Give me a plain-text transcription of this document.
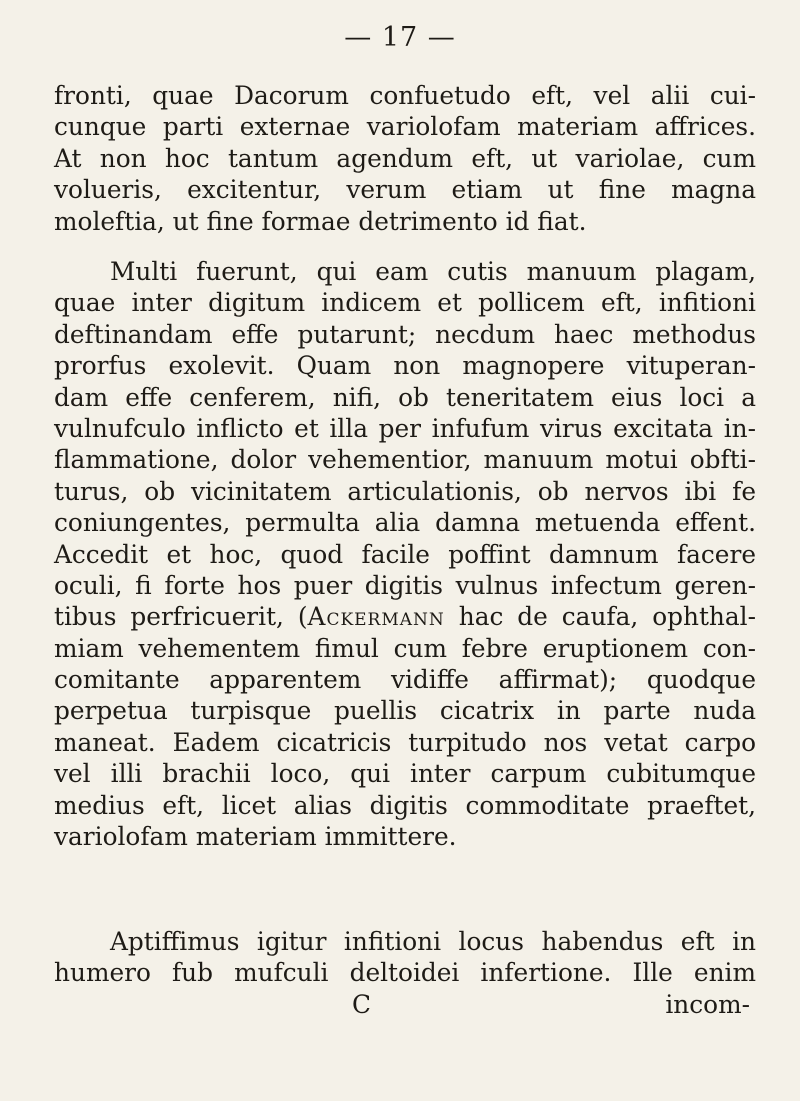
— 17 —
fronti, quae Dacorum confuetudo eft, vel alii cui-
cunque parti externae variolofam materiam affrices.
At non hoc tantum agendum eft, ut variolae, cum
volueris, excitentur, verum etiam ut fine magna
moleftia, ut fine formae detrimento id fiat.
Multi fuerunt, qui eam cutis manuum plagam,
quae inter digitum indicem et pollicem eft, infitioni
deftinandam effe putarunt; necdum haec methodus
prorfus exolevit. Quam non magnopere vituperan-
dam effe cenferem, nifi, ob teneritatem eius loci a
vulnufculo inflicto et illa per infufum virus excitata in-
flammatione, dolor vehementior, manuum motui obfti-
turus, ob vicinitatem articulationis, ob nervos ibi fe
coniungentes, permulta alia damna metuenda effent.
Accedit et hoc, quod facile poffint damnum facere
oculi, fi forte hos puer digitis vulnus infectum geren-
tibus perfricuerit, (Ackermann hac de caufa, ophthal-
miam vehementem fimul cum febre eruptionem con-
comitante apparentem vidiffe affirmat); quodque
perpetua turpisque puellis cicatrix in parte nuda
maneat. Eadem cicatricis turpitudo nos vetat carpo
vel illi brachii loco, qui inter carpum cubitumque
medius eft, licet alias digitis commoditate praeftet,
variolofam materiam immittere.
Aptiffimus igitur infitioni locus habendus eft in
humero fub mufculi deltoidei infertione. Ille enim
C	incom-
